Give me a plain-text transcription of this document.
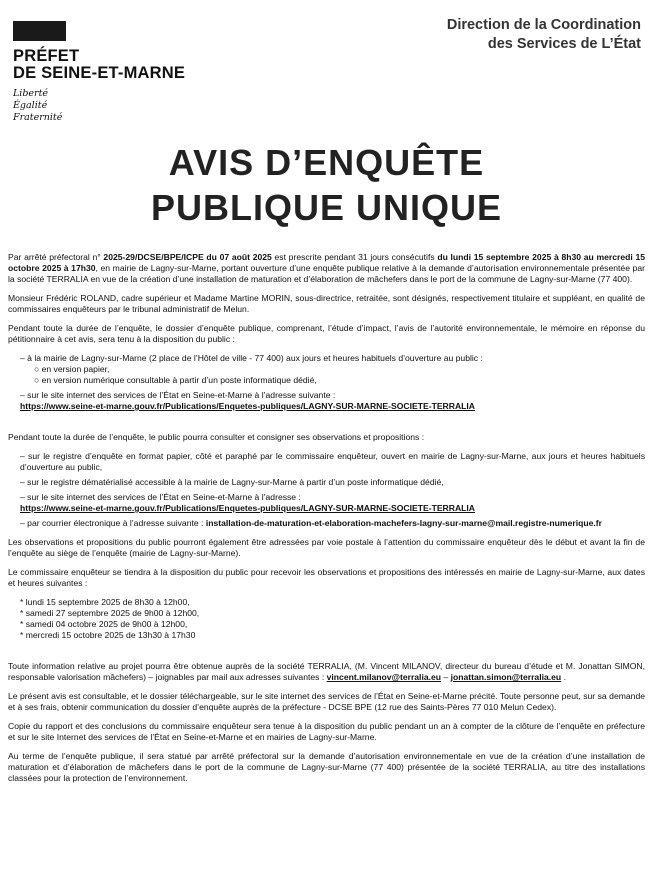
PRÉFET
DE SEINE-ET-MARNE
Liberté
Égalité
Fraternité
Direction de la Coordination
des Services de L’État
AVIS D’ENQUÊTE
PUBLIQUE UNIQUE

Par arrêté préfectoral n° 2025-29/DCSE/BPE/ICPE du 07 août 2025 est prescrite pendant 31 jours consécutifs du lundi 15 septembre 2025 à 8h30 au mercredi 15 octobre 2025 à 17h30, en mairie de Lagny-sur-Marne, portant ouverture d’une enquête publique relative à la demande d’autorisation environnementale présentée par la société TERRALIA en vue de la création d’une installation de maturation et d’élaboration de mâchefers dans le port de la commune de Lagny-sur-Marne (77 400).

Monsieur Frédéric ROLAND, cadre supérieur et Madame Martine MORIN, sous-directrice, retraitée, sont désignés, respectivement titulaire et suppléant, en qualité de commissaires enquêteurs par le tribunal administratif de Melun.

Pendant toute la durée de l’enquête, le dossier d’enquête publique, comprenant, l’étude d’impact, l’avis de l’autorité environnementale, le mémoire en réponse du pétitionnaire à cet avis, sera tenu à la disposition du public :

– à la mairie de Lagny-sur-Marne (2 place de l’Hôtel de ville - 77 400) aux jours et heures habituels d’ouverture au public :
○ en version papier,
○ en version numérique consultable à partir d’un poste informatique dédié,
– sur le site internet des services de l’État en Seine-et-Marne à l’adresse suivante :
https://www.seine-et-marne.gouv.fr/Publications/Enquetes-publiques/LAGNY-SUR-MARNE-SOCIETE-TERRALIA

Pendant toute la durée de l’enquête, le public pourra consulter et consigner ses observations et propositions :

– sur le registre d’enquête en format papier, côté et paraphé par le commissaire enquêteur, ouvert en mairie de Lagny-sur-Marne, aux jours et heures habituels d’ouverture au public,
– sur le registre dématérialisé accessible à la mairie de Lagny-sur-Marne à partir d’un poste informatique dédié,
– sur le site internet des services de l’État en Seine-et-Marne à l’adresse :
https://www.seine-et-marne.gouv.fr/Publications/Enquetes-publiques/LAGNY-SUR-MARNE-SOCIETE-TERRALIA
– par courrier électronique à l’adresse suivante : installation-de-maturation-et-elaboration-machefers-lagny-sur-marne@mail.registre-numerique.fr

Les observations et propositions du public pourront également être adressées par voie postale à l’attention du commissaire enquêteur dès le début et avant la fin de l’enquête au siège de l’enquête (mairie de Lagny-sur-Marne).

Le commissaire enquêteur se tiendra à la disposition du public pour recevoir les observations et propositions des intéressés en mairie de Lagny-sur-Marne, aux dates et heures suivantes :

* lundi 15 septembre 2025 de 8h30 à 12h00,
* samedi 27 septembre 2025 de 9h00 à 12h00,
* samedi 04 octobre 2025 de 9h00 à 12h00,
* mercredi 15 octobre 2025 de 13h30 à 17h30

Toute information relative au projet pourra être obtenue auprès de la société TERRALIA, (M. Vincent MILANOV, directeur du bureau d’étude et M. Jonattan SIMON, responsable valorisation mâchefers) – joignables par mail aux adresses suivantes : vincent.milanov@terralia.eu – jonattan.simon@terralia.eu .

Le présent avis est consultable, et le dossier téléchargeable, sur le site internet des services de l’État en Seine-et-Marne précité. Toute personne peut, sur sa demande et à ses frais, obtenir communication du dossier d’enquête auprès de la préfecture - DCSE BPE (12 rue des Saints-Pères 77 010 Melun Cedex).

Copie du rapport et des conclusions du commissaire enquêteur sera tenue à la disposition du public pendant un an à compter de la clôture de l’enquête en préfecture et sur le site Internet des services de l’État en Seine-et-Marne et en mairies de Lagny-sur-Marne.

Au terme de l’enquête publique, il sera statué par arrêté préfectoral sur la demande d’autorisation environnementale en vue de la création d’une installation de maturation et d’élaboration de mâchefers dans le port de la commune de Lagny-sur-Marne (77 400) présentée de la société TERRALIA, au titre des installations classées pour la protection de l’environnement.
